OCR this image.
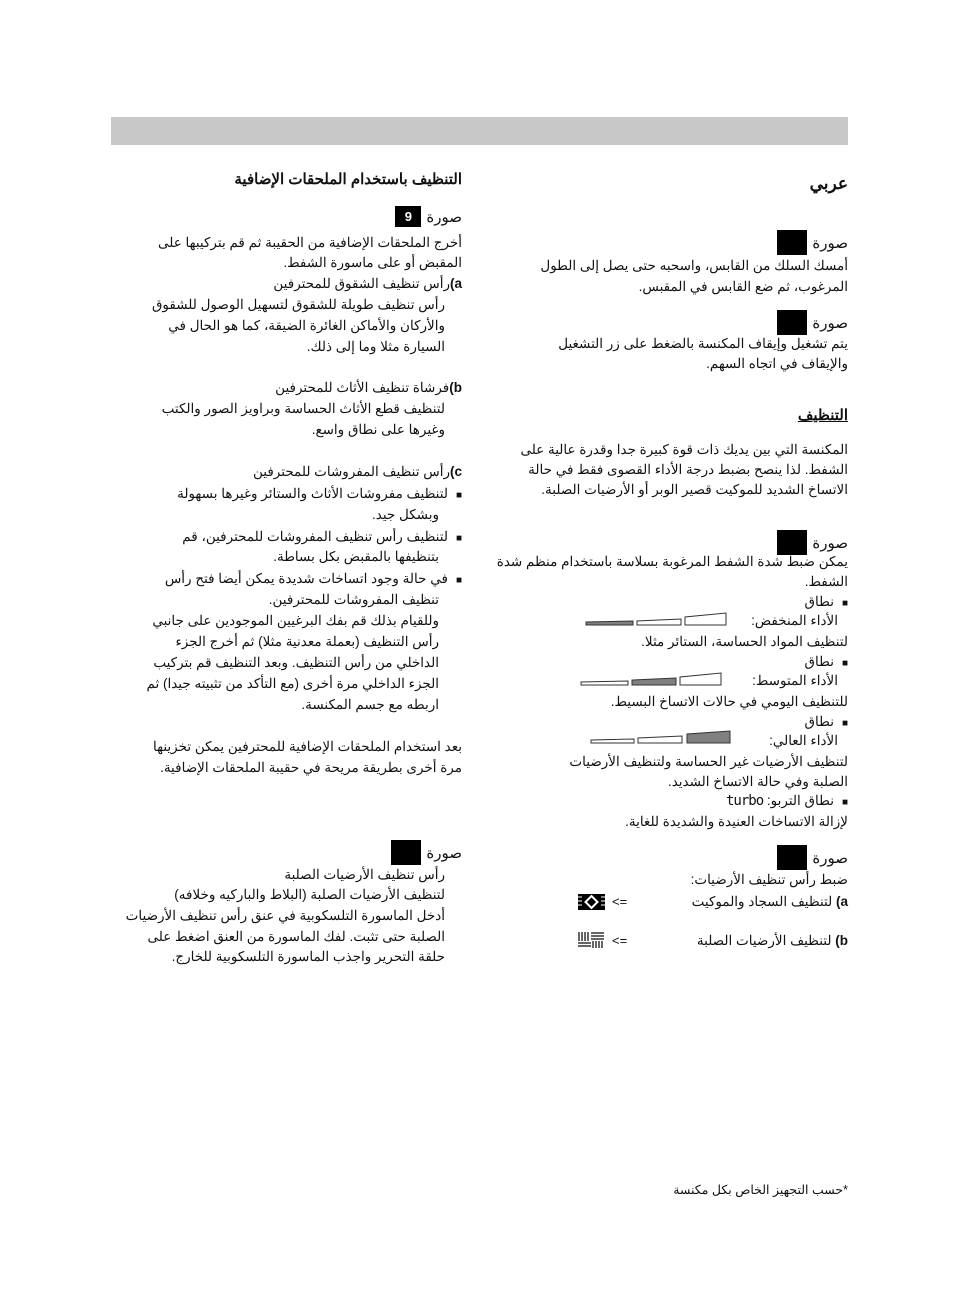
عربي
صورة
أمسك السلك من القابس، واسحبه حتى يصل إلى الطول
المرغوب، ثم ضع القابس في المقبس.
صورة
يتم تشغيل وإيقاف المكنسة بالضغط على زر التشغيل
والإيقاف في اتجاه السهم.
التنظيف
المكنسة التي بين يديك ذات قوة كبيرة جدا وقدرة عالية على
الشفط. لذا ينصح بضبط درجة الأداء القصوى فقط في حالة
الاتساخ الشديد للموكيت قصير الوبر أو الأرضيات الصلبة.
صورة
يمكن ضبط شدة الشفط المرغوبة بسلاسة باستخدام منظم شدة
الشفط.
■ نطاق
الأداء المنخفض:
لتنظيف المواد الحساسة، الستائر مثلا.
■ نطاق
الأداء المتوسط:
للتنظيف اليومي في حالات الاتساخ البسيط.
■ نطاق
الأداء العالي:
لتنظيف الأرضيات غير الحساسة ولتنظيف الأرضيات
الصلبة وفي حالة الاتساخ الشديد.
■ نطاق التربو: turbo
لإزالة الاتساخات العنيدة والشديدة للغاية.
صورة
ضبط رأس تنظيف الأرضيات:
a) لتنظيف السجاد والموكيت
<=
b) لتنظيف الأرضيات الصلبة
<=
التنظيف باستخدام الملحقات الإضافية
صورة
9
أخرج الملحقات الإضافية من الحقيبة ثم قم بتركيبها على
المقبض أو على ماسورة الشفط.
a)رأس تنظيف الشقوق للمحترفين
رأس تنظيف طويلة للشقوق لتسهيل الوصول للشقوق
والأركان والأماكن الغائرة الضيقة، كما هو الحال في
السيارة مثلا وما إلى ذلك.
b)فرشاة تنظيف الأثاث للمحترفين
لتنظيف قطع الأثاث الحساسة وبراويز الصور والكتب
وغيرها على نطاق واسع.
c)رأس تنظيف المفروشات للمحترفين
■ لتنظيف مفروشات الأثاث والستائر وغيرها بسهولة
وبشكل جيد.
■ لتنظيف رأس تنظيف المفروشات للمحترفين، قم
بتنظيفها بالمقبض بكل بساطة.
■ في حالة وجود اتساخات شديدة يمكن أيضا فتح رأس
تنظيف المفروشات للمحترفين.
وللقيام بذلك قم بفك البرغيين الموجودين على جانبي
رأس التنظيف (بعملة معدنية مثلا) ثم أخرج الجزء
الداخلي من رأس التنظيف. وبعد التنظيف قم بتركيب
الجزء الداخلي مرة أخرى (مع التأكد من تثبيته جيدا) ثم
اربطه مع جسم المكنسة.
بعد استخدام الملحقات الإضافية للمحترفين يمكن تخزينها
مرة أخرى بطريقة مريحة في حقيبة الملحقات الإضافية.
صورة
رأس تنظيف الأرضيات الصلبة
لتنظيف الأرضيات الصلبة (البلاط والباركيه وخلافه)
أدخل الماسورة التلسكوبية في عنق رأس تنظيف الأرضيات
الصلبة حتى تثبت. لفك الماسورة من العنق اضغط على
حلقة التحرير واجذب الماسورة التلسكوبية للخارج.
*حسب التجهيز الخاص بكل مكنسة
